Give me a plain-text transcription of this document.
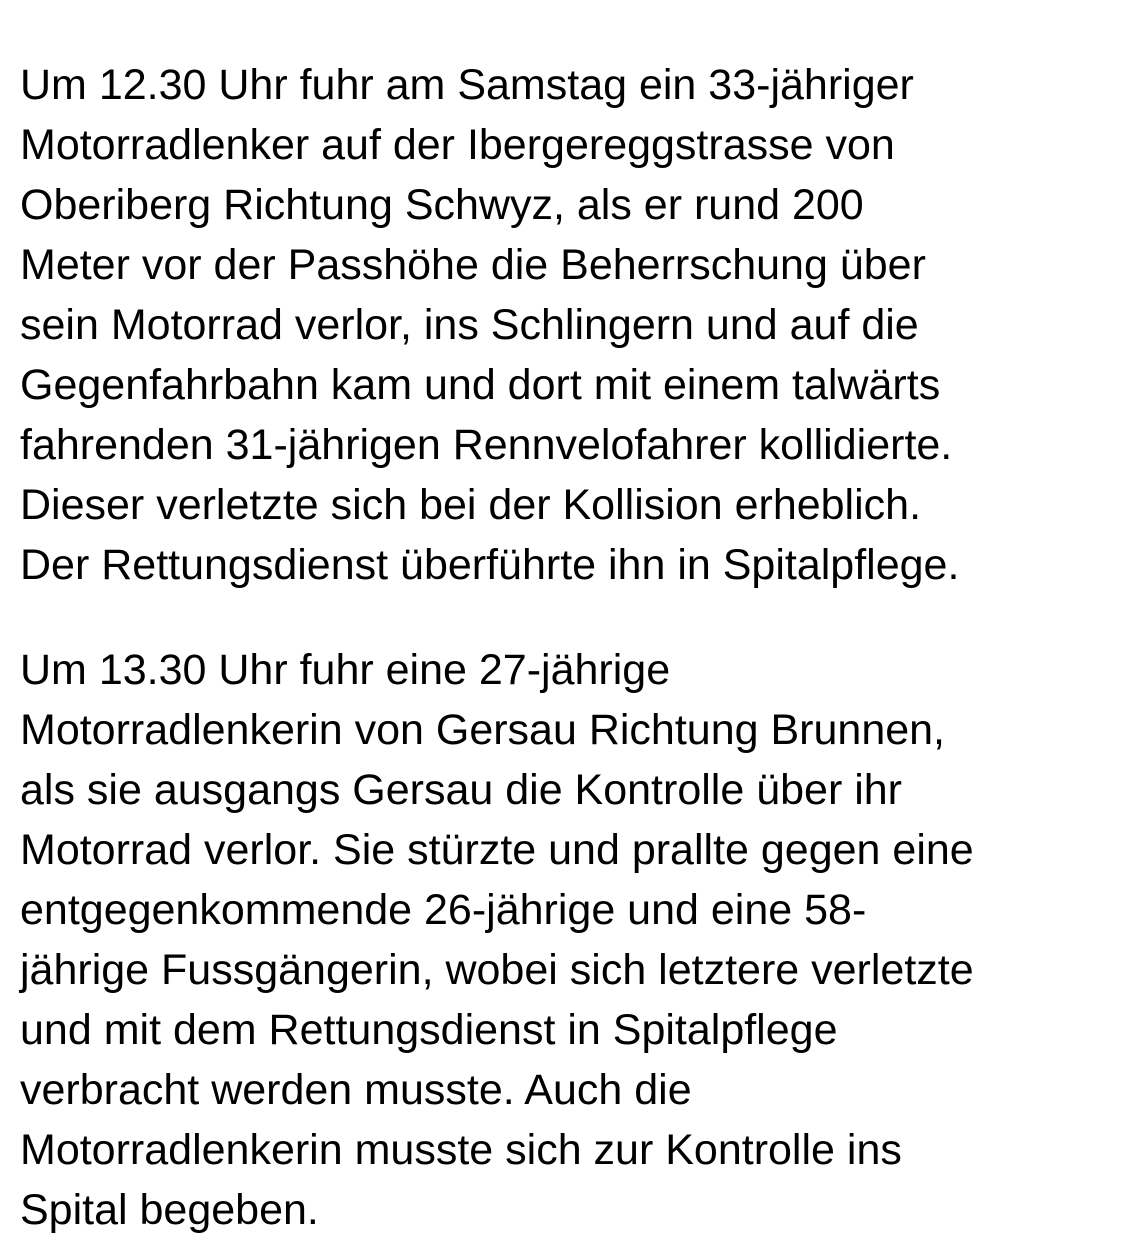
Um 12.30 Uhr fuhr am Samstag ein 33-jähriger
Motorradlenker auf der Ibergereggstrasse von
Oberiberg Richtung Schwyz, als er rund 200
Meter vor der Passhöhe die Beherrschung über
sein Motorrad verlor, ins Schlingern und auf die
Gegenfahrbahn kam und dort mit einem talwärts
fahrenden 31-jährigen Rennvelofahrer kollidierte.
Dieser verletzte sich bei der Kollision erheblich.
Der Rettungsdienst überführte ihn in Spitalpflege.

Um 13.30 Uhr fuhr eine 27-jährige
Motorradlenkerin von Gersau Richtung Brunnen,
als sie ausgangs Gersau die Kontrolle über ihr
Motorrad verlor. Sie stürzte und prallte gegen eine
entgegenkommende 26-jährige und eine 58-
jährige Fussgängerin, wobei sich letztere verletzte
und mit dem Rettungsdienst in Spitalpflege
verbracht werden musste. Auch die
Motorradlenkerin musste sich zur Kontrolle ins
Spital begeben.
